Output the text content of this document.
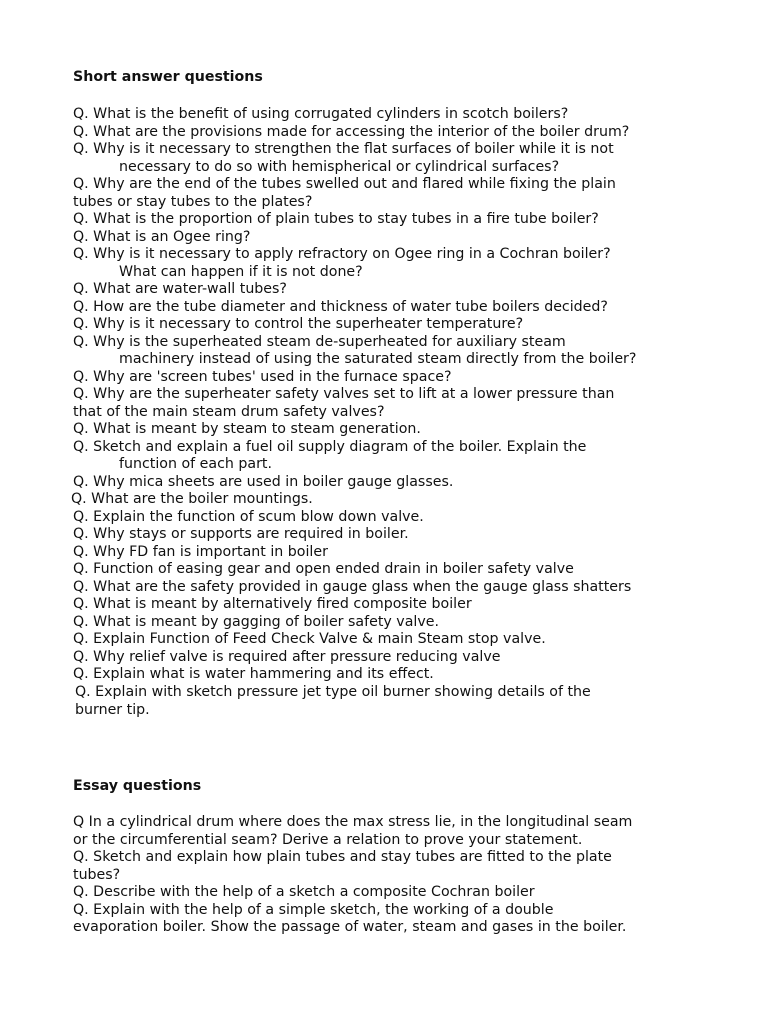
Short answer questions
Q. What is the benefit of using corrugated cylinders in scotch boilers?
Q. What are the provisions made for accessing the interior of the boiler drum?
Q. Why is it necessary to strengthen the flat surfaces of boiler while it is not
necessary to do so with hemispherical or cylindrical surfaces?
Q. Why are the end of the tubes swelled out and flared while fixing the plain
tubes or stay tubes to the plates?
Q. What is the proportion of plain tubes to stay tubes in a fire tube boiler?
Q. What is an Ogee ring?
Q. Why is it necessary to apply refractory on Ogee ring in a Cochran boiler?
What can happen if it is not done?
Q. What are water-wall tubes?
Q. How are the tube diameter and thickness of water tube boilers decided?
Q. Why is it necessary to control the superheater temperature?
Q. Why is the superheated steam de-superheated for auxiliary steam
machinery instead of using the saturated steam directly from the boiler?
Q. Why are 'screen tubes' used in the furnace space?
Q. Why are the superheater safety valves set to lift at a lower pressure than
that of the main steam drum safety valves?
Q. What is meant by steam to steam generation.
Q. Sketch and explain a fuel oil supply diagram of the boiler. Explain the
function of each part.
Q. Why mica sheets are used in boiler gauge glasses.
Q. What are the boiler mountings.
Q. Explain the function of scum blow down valve.
Q. Why stays or supports are required in boiler.
Q. Why FD fan is important in boiler
Q. Function of easing gear and open ended drain in boiler safety valve
Q. What are the safety provided in gauge glass when the gauge glass shatters
Q. What is meant by alternatively fired composite boiler
Q. What is meant by gagging of boiler safety valve.
Q. Explain Function of Feed Check Valve & main Steam stop valve.
Q. Why relief valve is required after pressure reducing valve
Q. Explain what is water hammering and its effect.
Q. Explain with sketch pressure jet type oil burner showing details of the
burner tip.
Essay questions
Q In a cylindrical drum where does the max stress lie, in the longitudinal seam
or the circumferential seam? Derive a relation to prove your statement.
Q. Sketch and explain how plain tubes and stay tubes are fitted to the plate
tubes?
Q. Describe with the help of a sketch a composite Cochran boiler
Q. Explain with the help of a simple sketch, the working of a double
evaporation boiler. Show the passage of water, steam and gases in the boiler.
